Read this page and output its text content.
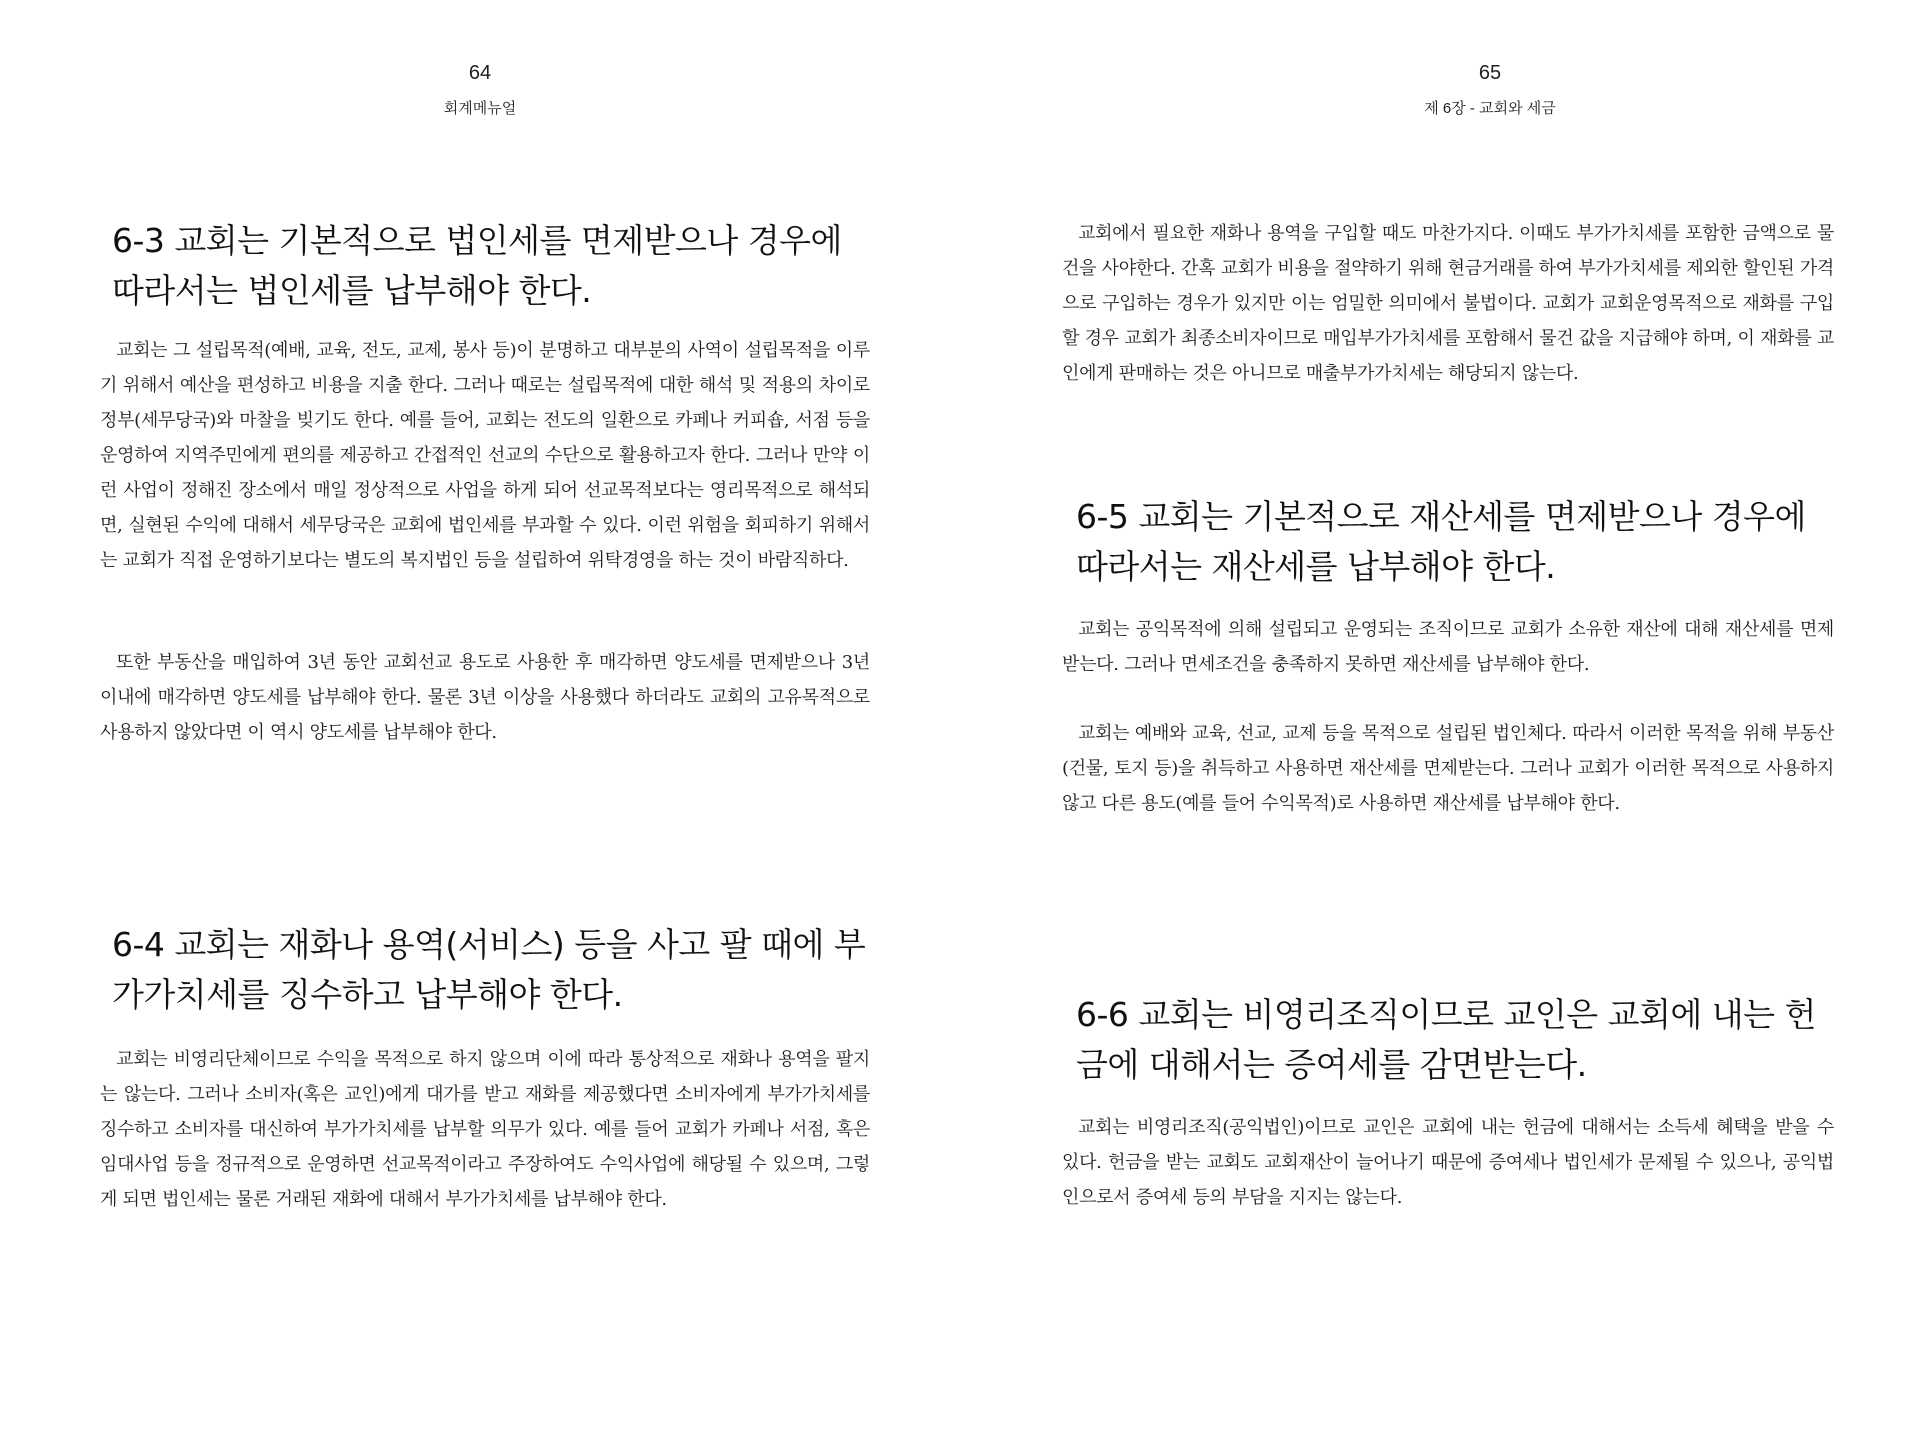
64
회계메뉴얼
6-3 교회는 기본적으로 법인세를 면제받으나 경우에 따라서는 법인세를 납부해야 한다.

교회는 그 설립목적(예배, 교육, 전도, 교제, 봉사 등)이 분명하고 대부분의 사역이 설립목적을 이루기 위해서 예산을 편성하고 비용을 지출 한다. 그러나 때로는 설립목적에 대한 해석 및 적용의 차이로 정부(세무당국)와 마찰을 빚기도 한다. 예를 들어, 교회는 전도의 일환으로 카페나 커피숍, 서점 등을 운영하여 지역주민에게 편의를 제공하고 간접적인 선교의 수단으로 활용하고자 한다. 그러나 만약 이런 사업이 정해진 장소에서 매일 정상적으로 사업을 하게 되어 선교목적보다는 영리목적으로 해석되면, 실현된 수익에 대해서 세무당국은 교회에 법인세를 부과할 수 있다. 이런 위험을 회피하기 위해서는 교회가 직접 운영하기보다는 별도의 복지법인 등을 설립하여 위탁경영을 하는 것이 바람직하다.

또한 부동산을 매입하여 3년 동안 교회선교 용도로 사용한 후 매각하면 양도세를 면제받으나 3년 이내에 매각하면 양도세를 납부해야 한다. 물론 3년 이상을 사용했다 하더라도 교회의 고유목적으로 사용하지 않았다면 이 역시 양도세를 납부해야 한다.

6-4 교회는 재화나 용역(서비스) 등을 사고 팔 때에 부가가치세를 징수하고 납부해야 한다.

교회는 비영리단체이므로 수익을 목적으로 하지 않으며 이에 따라 통상적으로 재화나 용역을 팔지는 않는다. 그러나 소비자(혹은 교인)에게 대가를 받고 재화를 제공했다면 소비자에게 부가가치세를 징수하고 소비자를 대신하여 부가가치세를 납부할 의무가 있다. 예를 들어 교회가 카페나 서점, 혹은 임대사업 등을 정규적으로 운영하면 선교목적이라고 주장하여도 수익사업에 해당될 수 있으며, 그렇게 되면 법인세는 물론 거래된 재화에 대해서 부가가치세를 납부해야 한다.

65
제 6장 - 교회와 세금

교회에서 필요한 재화나 용역을 구입할 때도 마찬가지다. 이때도 부가가치세를 포함한 금액으로 물건을 사야한다. 간혹 교회가 비용을 절약하기 위해 현금거래를 하여 부가가치세를 제외한 할인된 가격으로 구입하는 경우가 있지만 이는 엄밀한 의미에서 불법이다. 교회가 교회운영목적으로 재화를 구입할 경우 교회가 최종소비자이므로 매입부가가치세를 포함해서 물건 값을 지급해야 하며, 이 재화를 교인에게 판매하는 것은 아니므로 매출부가가치세는 해당되지 않는다.

6-5 교회는 기본적으로 재산세를 면제받으나 경우에 따라서는 재산세를 납부해야 한다.

교회는 공익목적에 의해 설립되고 운영되는 조직이므로 교회가 소유한 재산에 대해 재산세를 면제받는다. 그러나 면세조건을 충족하지 못하면 재산세를 납부해야 한다.

교회는 예배와 교육, 선교, 교제 등을 목적으로 설립된 법인체다. 따라서 이러한 목적을 위해 부동산(건물, 토지 등)을 취득하고 사용하면 재산세를 면제받는다. 그러나 교회가 이러한 목적으로 사용하지 않고 다른 용도(예를 들어 수익목적)로 사용하면 재산세를 납부해야 한다.

6-6 교회는 비영리조직이므로 교인은 교회에 내는 헌금에 대해서는 증여세를 감면받는다.

교회는 비영리조직(공익법인)이므로 교인은 교회에 내는 헌금에 대해서는 소득세 혜택을 받을 수 있다. 헌금을 받는 교회도 교회재산이 늘어나기 때문에 증여세나 법인세가 문제될 수 있으나, 공익법인으로서 증여세 등의 부담을 지지는 않는다.
